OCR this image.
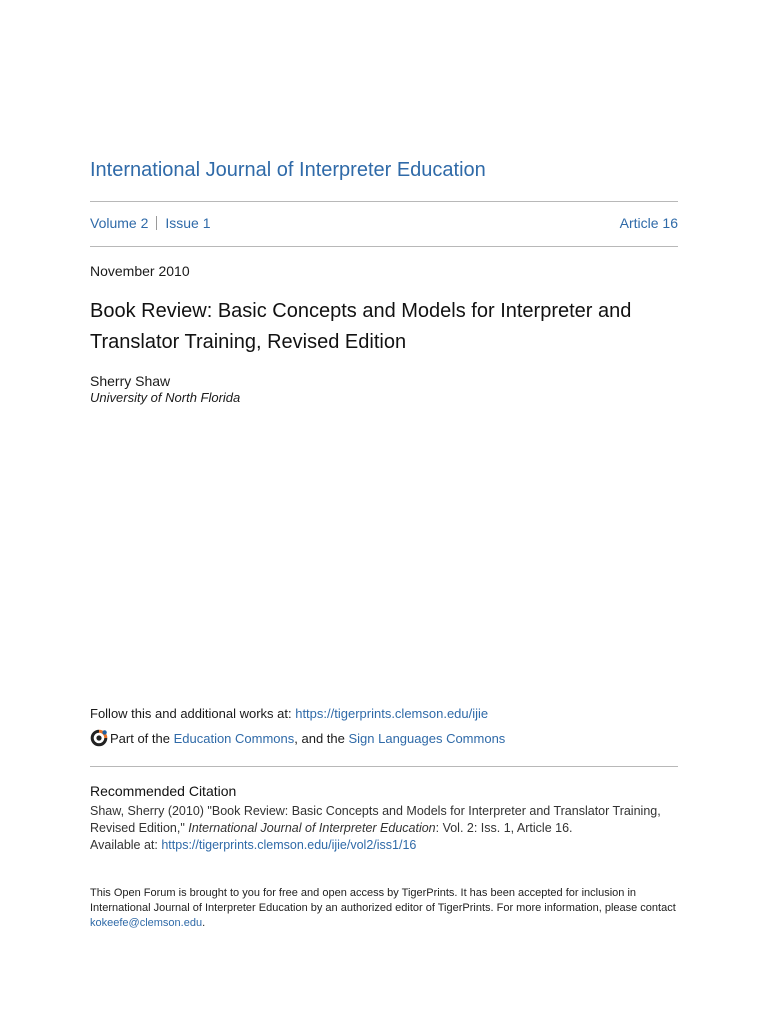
International Journal of Interpreter Education
Volume 2 Issue 1	Article 16
November 2010
Book Review: Basic Concepts and Models for Interpreter and Translator Training, Revised Edition
Sherry Shaw
University of North Florida
Follow this and additional works at: https://tigerprints.clemson.edu/ijie
Part of the Education Commons, and the Sign Languages Commons
Recommended Citation
Shaw, Sherry (2010) "Book Review: Basic Concepts and Models for Interpreter and Translator Training, Revised Edition," International Journal of Interpreter Education: Vol. 2: Iss. 1, Article 16.
Available at: https://tigerprints.clemson.edu/ijie/vol2/iss1/16
This Open Forum is brought to you for free and open access by TigerPrints. It has been accepted for inclusion in International Journal of Interpreter Education by an authorized editor of TigerPrints. For more information, please contact kokeefe@clemson.edu.
